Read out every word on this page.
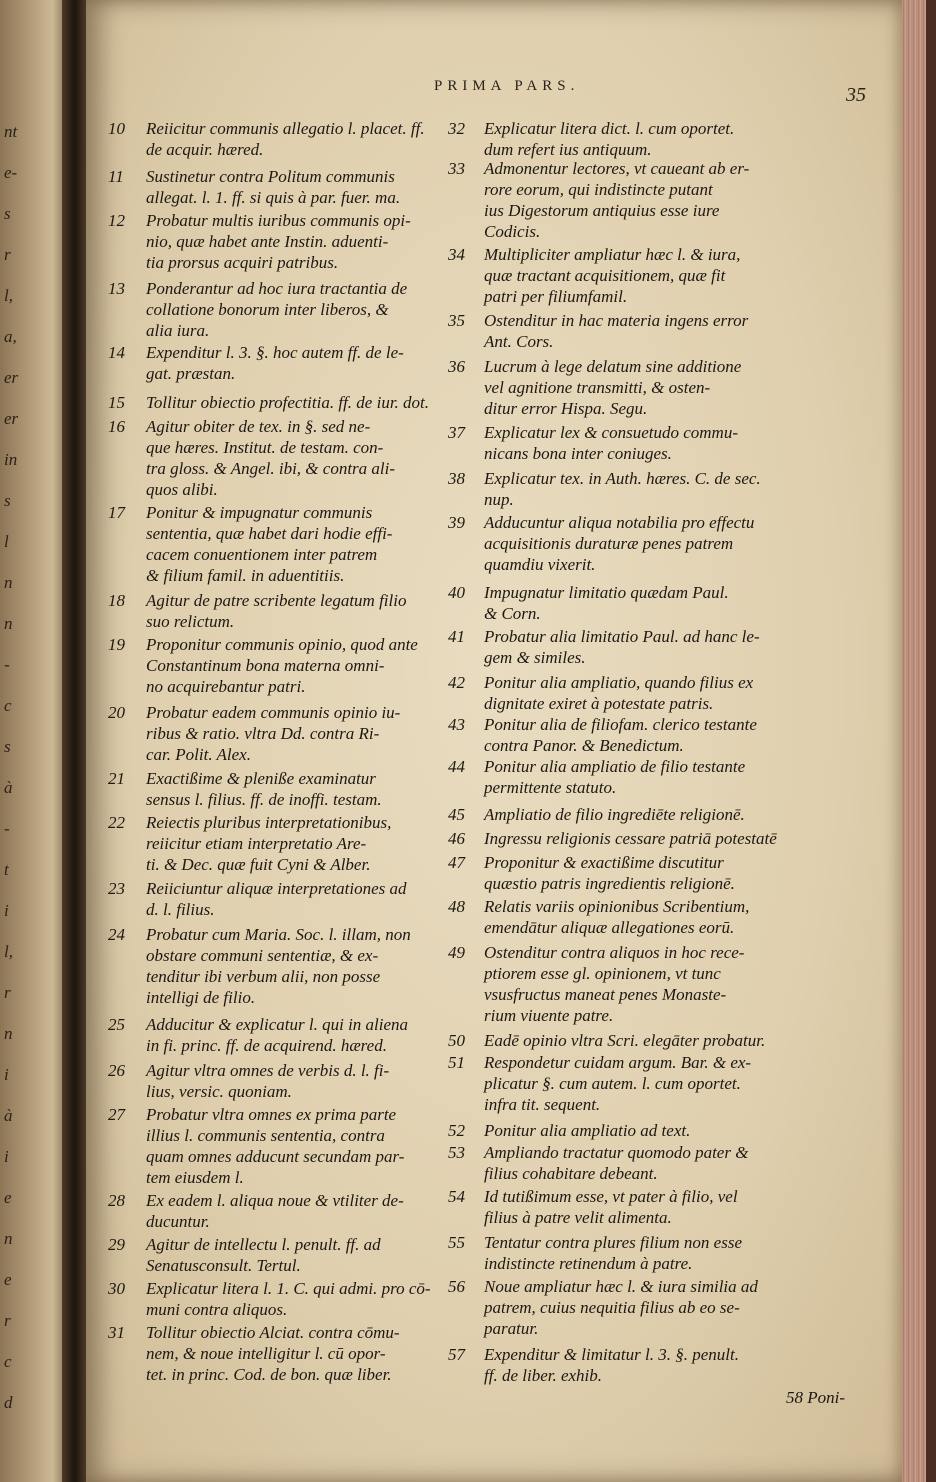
nt
e-
s
r
l,
a,
er
er
in
s
l
n
n
-
c
s
à
-
t
i
l,
r
n
i
à
i
e
n
e
r
c
d
PRIMA PARS.	35
10	Reiicitur communis allegatio l. placet. ff.
de acquir. hæred.
11	Sustinetur contra Politum communis
allegat. l. 1. ff. si quis à par. fuer. ma.
12	Probatur multis iuribus communis opi-
nio, quæ habet ante Instin. aduenti-
tia prorsus acquiri patribus.
13	Ponderantur ad hoc iura tractantia de
collatione bonorum inter liberos, &
alia iura.
14	Expenditur l. 3. §. hoc autem ff. de le-
gat. præstan.
15	Tollitur obiectio profectitia. ff. de iur. dot.
16	Agitur obiter de tex. in §. sed ne-
que hæres. Institut. de testam. con-
tra gloss. & Angel. ibi, & contra ali-
quos alibi.
17	Ponitur & impugnatur communis
sententia, quæ habet dari hodie effi-
cacem conuentionem inter patrem
& filium famil. in aduentitiis.
18	Agitur de patre scribente legatum filio
suo relictum.
19	Proponitur communis opinio, quod ante
Constantinum bona materna omni-
no acquirebantur patri.
20	Probatur eadem communis opinio iu-
ribus & ratio. vltra Dd. contra Ri-
car. Polit. Alex.
21	Exactißime & pleniße examinatur
sensus l. filius. ff. de inoffi. testam.
22	Reiectis pluribus interpretationibus,
reiicitur etiam interpretatio Are-
ti. & Dec. quæ fuit Cyni & Alber.
23	Reiiciuntur aliquæ interpretationes ad
d. l. filius.
24	Probatur cum Maria. Soc. l. illam, non
obstare communi sententiæ, & ex-
tenditur ibi verbum alii, non posse
intelligi de filio.
25	Adducitur & explicatur l. qui in aliena
in fi. princ. ff. de acquirend. hæred.
26	Agitur vltra omnes de verbis d. l. fi-
lius, versic. quoniam.
27	Probatur vltra omnes ex prima parte
illius l. communis sententia, contra
quam omnes adducunt secundam par-
tem eiusdem l.
28	Ex eadem l. aliqua noue & vtiliter de-
ducuntur.
29	Agitur de intellectu l. penult. ff. ad
Senatusconsult. Tertul.
30	Explicatur litera l. 1. C. qui admi. pro cō-
muni contra aliquos.
31	Tollitur obiectio Alciat. contra cōmu-
nem, & noue intelligitur l. cū opor-
tet. in princ. Cod. de bon. quæ liber.
32	Explicatur litera dict. l. cum oportet.
dum refert ius antiquum.
33	Admonentur lectores, vt caueant ab er-
rore eorum, qui indistincte putant
ius Digestorum antiquius esse iure
Codicis.
34	Multipliciter ampliatur hæc l. & iura,
quæ tractant acquisitionem, quæ fit
patri per filiumfamil.
35	Ostenditur in hac materia ingens error
Ant. Cors.
36	Lucrum à lege delatum sine additione
vel agnitione transmitti, & osten-
ditur error Hispa. Segu.
37	Explicatur lex & consuetudo commu-
nicans bona inter coniuges.
38	Explicatur tex. in Auth. hæres. C. de sec.
nup.
39	Adducuntur aliqua notabilia pro effectu
acquisitionis duraturæ penes patrem
quamdiu vixerit.
40	Impugnatur limitatio quædam Paul.
& Corn.
41	Probatur alia limitatio Paul. ad hanc le-
gem & similes.
42	Ponitur alia ampliatio, quando filius ex
dignitate exiret à potestate patris.
43	Ponitur alia de filiofam. clerico testante
contra Panor. & Benedictum.
44	Ponitur alia ampliatio de filio testante
permittente statuto.
45	Ampliatio de filio ingrediēte religionē.
46	Ingressu religionis cessare patriā potestatē
47	Proponitur & exactißime discutitur
quæstio patris ingredientis religionē.
48	Relatis variis opinionibus Scribentium,
emendātur aliquæ allegationes eorū.
49	Ostenditur contra aliquos in hoc rece-
ptiorem esse gl. opinionem, vt tunc
vsusfructus maneat penes Monaste-
rium viuente patre.
50	Eadē opinio vltra Scri. elegāter probatur.
51	Respondetur cuidam argum. Bar. & ex-
plicatur §. cum autem. l. cum oportet.
infra tit. sequent.
52	Ponitur alia ampliatio ad text.
53	Ampliando tractatur quomodo pater &
filius cohabitare debeant.
54	Id tutißimum esse, vt pater à filio, vel
filius à patre velit alimenta.
55	Tentatur contra plures filium non esse
indistincte retinendum à patre.
56	Noue ampliatur hæc l. & iura similia ad
patrem, cuius nequitia filius ab eo se-
paratur.
57	Expenditur & limitatur l. 3. §. penult.
ff. de liber. exhib.
58 Poni-
